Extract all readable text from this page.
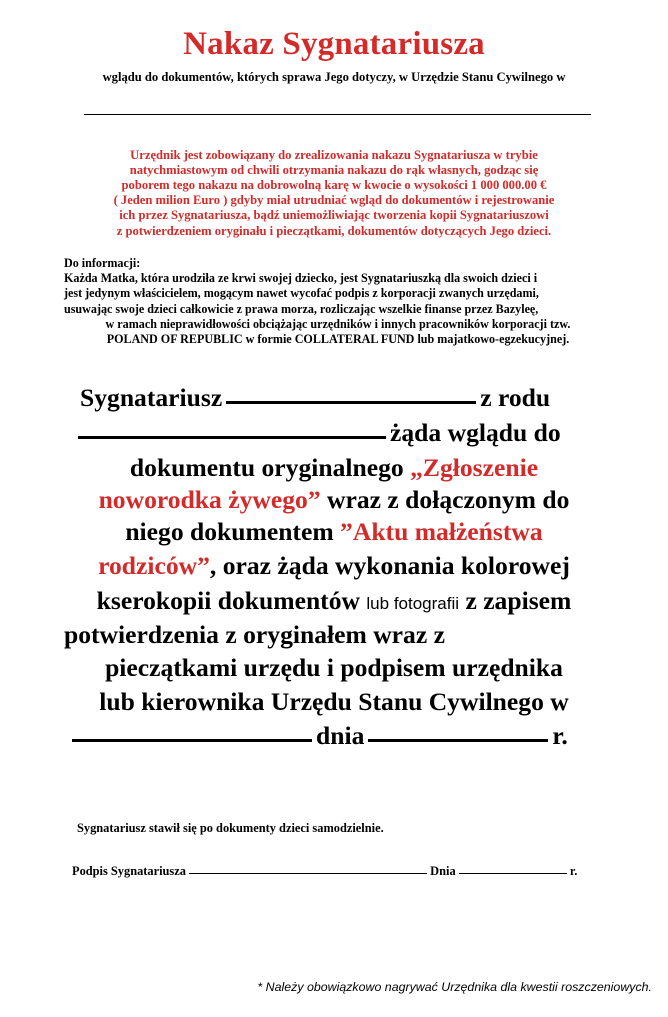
Nakaz Sygnatariusza
wglądu do dokumentów, których sprawa Jego dotyczy, w Urzędzie Stanu Cywilnego w
Urzędnik jest zobowiązany do zrealizowania nakazu Sygnatariusza w trybie
natychmiastowym od chwili otrzymania nakazu do rąk własnych, godząc się
poborem tego nakazu na dobrowolną karę w kwocie o wysokości 1 000 000.00 €
( Jeden milion Euro ) gdyby miał utrudniać wgląd do dokumentów i rejestrowanie
ich przez Sygnatariusza, bądź uniemożliwiając tworzenia kopii Sygnatariuszowi
z potwierdzeniem oryginału i pieczątkami, dokumentów dotyczących Jego dzieci.
Do informacji:
Każda Matka, która urodziła ze krwi swojej dziecko, jest Sygnatariuszką dla swoich dzieci i
jest jedynym właścicielem, mogącym nawet wycofać podpis z korporacji zwanych urzędami,
usuwając swoje dzieci całkowicie z prawa morza, rozliczając wszelkie finanse przez Bazyleę,
w ramach nieprawidłowości obciążając urzędników i innych pracowników korporacji tzw.
POLAND OF REPUBLIC w formie COLLATERAL FUND lub majatkowo-egzekucyjnej.
Sygnatariusz	z rodu
żąda wglądu do
dokumentu oryginalnego „Zgłoszenie
noworodka żywego” wraz z dołączonym do
niego dokumentem ”Aktu małżeństwa
rodziców”, oraz żąda wykonania kolorowej
kserokopii dokumentów lub fotografii z zapisem
potwierdzenia z oryginałem wraz z
pieczątkami urzędu i podpisem urzędnika
lub kierownika Urzędu Stanu Cywilnego w
dnia	r.
Sygnatariusz stawił się po dokumenty dzieci samodzielnie.
Podpis Sygnatariusza	Dnia	r.
* Należy obowiązkowo nagrywać Urzędnika dla kwestii roszczeniowych.
